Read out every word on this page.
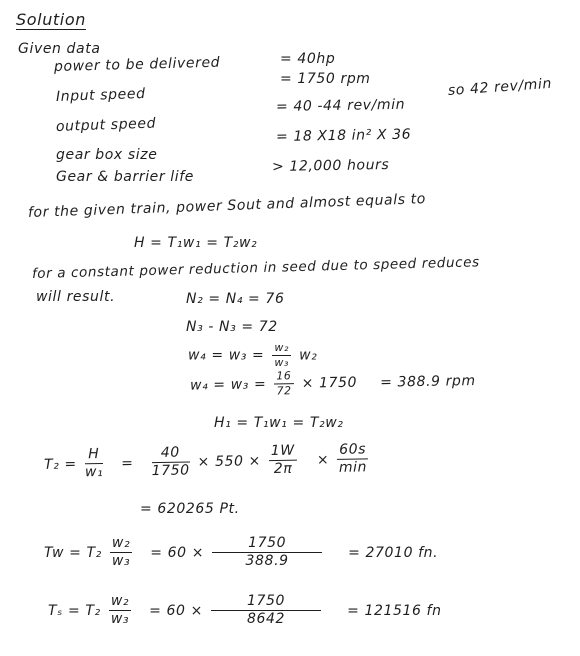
Solution
Given data
power to be delivered	= 40hp
Input speed
= 1750 rpm
output speed
= 40 -44 rev/min
so 42 rev/min
gear box size
= 18 X18 in² X 36
Gear & barrier life
> 12,000 hours
for the given train, power Sout and almost equals to
H = T₁w₁ = T₂w₂
for a constant power reduction in seed due to speed reduces
will result.	N₂ = N₄ = 76
N₃ - N₃ = 72
$w_4 = w_3 = \frac{\text{w₂}}{\text{w₃}} w_2$
$w_4 = w_3 = \frac{16}{72} \times 1750 = 388.9$ rpm
H₁ = T₁w₁ = T₂w₂
$T_2 = \frac{H}{\text{w₁}} = \frac{40}{1750} \times 550 \times \frac{1W}{2\pi} \times \frac{60s}{\min}$
= 620265 Pt.
$Tw = T_2 \frac{\text{w₂}}{\text{w₃}} = 60 \times \frac{1750}{388.9} = 27010$ fn.
$T_s = T_2 \frac{\text{w₂}}{\text{w₃}} = 60 \times \frac{1750}{8642} = 121516$ fn
